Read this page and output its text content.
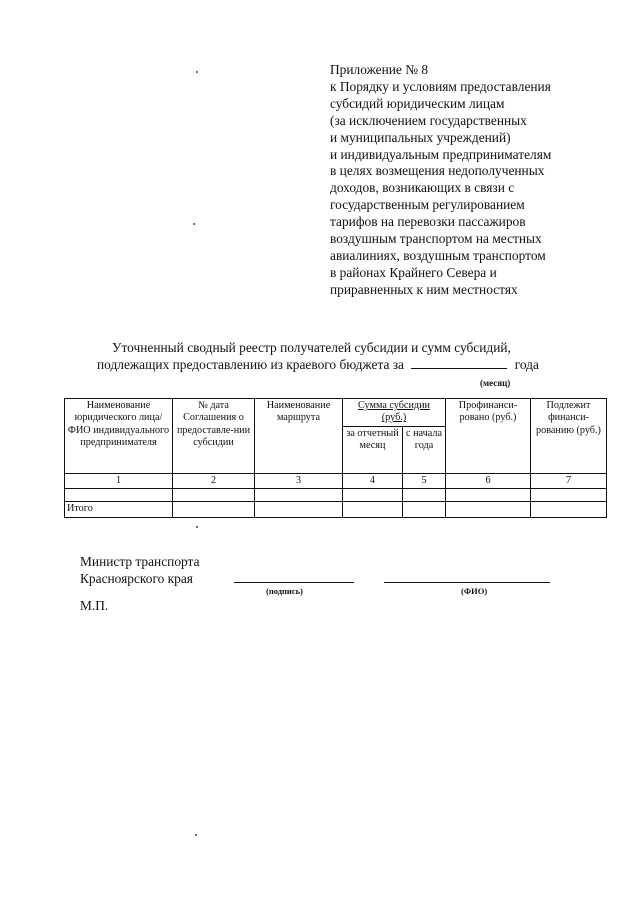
Приложение № 8
к Порядку и условиям предоставления
субсидий юридическим лицам
(за исключением государственных
и муниципальных учреждений)
и индивидуальным предпринимателям
в целях возмещения недополученных
доходов, возникающих в связи с
государственным регулированием
тарифов на перевозки пассажиров
воздушным транспортом на местных
авиалиниях, воздушным транспортом
в районах Крайнего Севера и
приравненных к ним местностях
Уточненный сводный реестр получателей субсидии и сумм субсидий,
подлежащих предоставлению из краевого бюджета за	года
(месяц)
Наименование юридического лица/ФИО индивидуального предпринимателя	№ дата Соглашения о предоставле-нии субсидии	Наименование маршрута	Сумма субсидии (руб.)		Профинанси-ровано (руб.)	Подлежит финанси-рованию (руб.)
			за отчетный месяц	с начала года		
1	2	3	4	5	6	7

Итого						
Министр транспорта
Красноярского края
(подпись)	(ФИО)
М.П.
